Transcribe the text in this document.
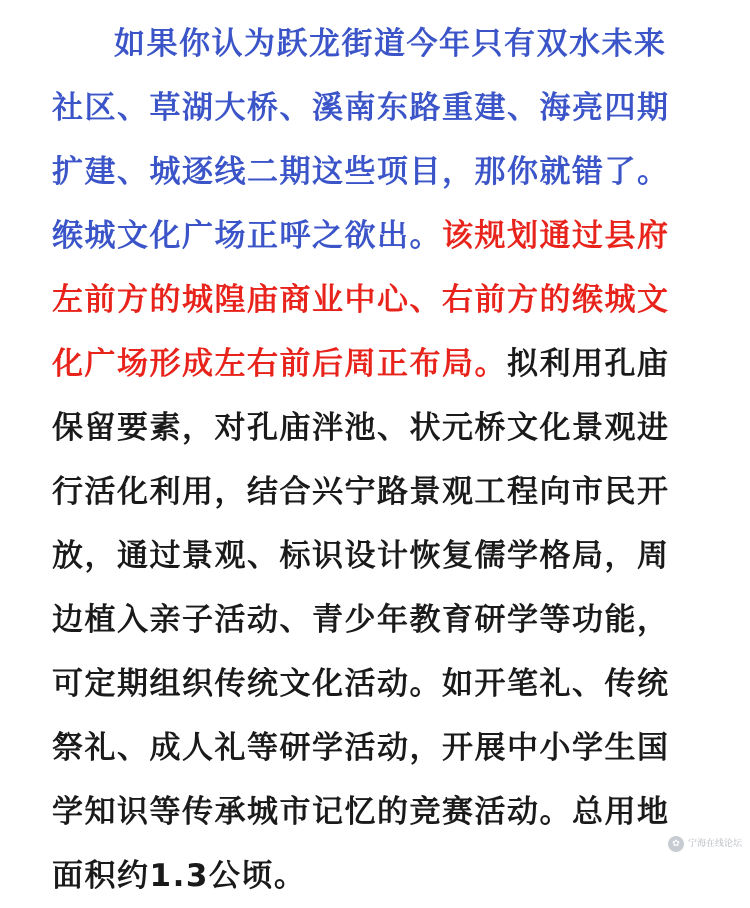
如果你认为跃龙街道今年只有双水未来
社区、草湖大桥、溪南东路重建、海亮四期
扩建、城逐线二期这些项目，那你就错了。
缑城文化广场正呼之欲出。该规划通过县府
左前方的城隍庙商业中心、右前方的缑城文
化广场形成左右前后周正布局。拟利用孔庙
保留要素，对孔庙泮池、状元桥文化景观进
行活化利用，结合兴宁路景观工程向市民开
放，通过景观、标识设计恢复儒学格局，周
边植入亲子活动、青少年教育研学等功能，
可定期组织传统文化活动。如开笔礼、传统
祭礼、成人礼等研学活动，开展中小学生国
学知识等传承城市记忆的竞赛活动。总用地
面积约1.3公顷。
✿ 宁海在线论坛
